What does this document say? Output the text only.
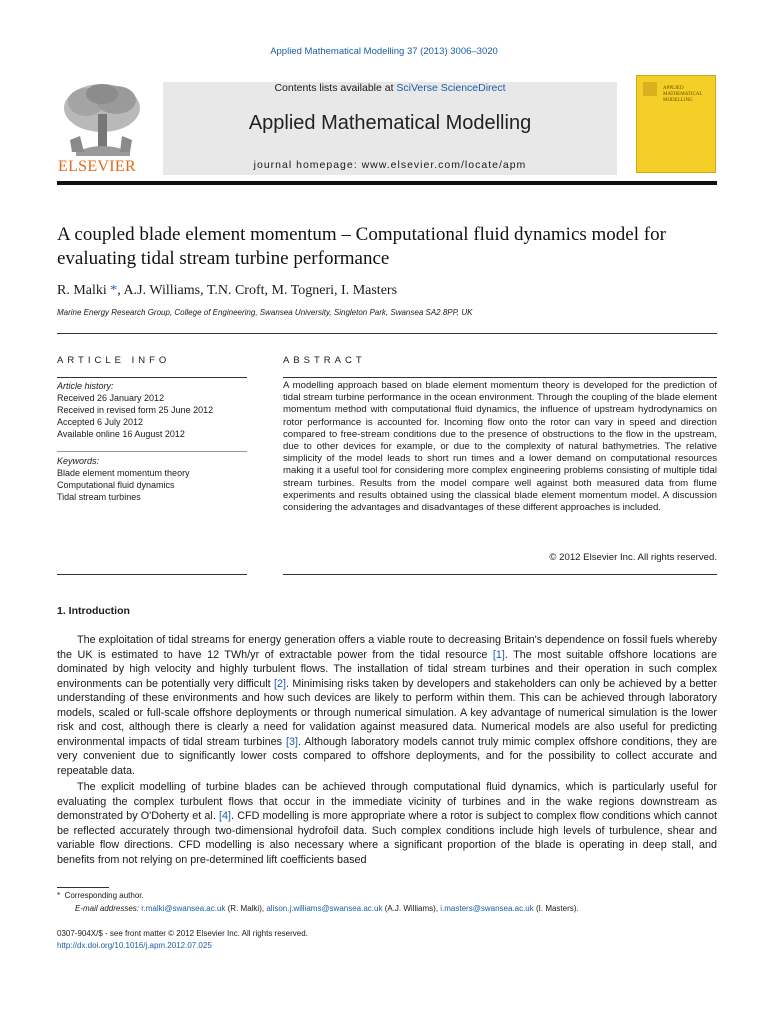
Applied Mathematical Modelling 37 (2013) 3006–3020
ELSEVIER
Contents lists available at SciVerse ScienceDirect
Applied Mathematical Modelling
journal homepage: www.elsevier.com/locate/apm
APPLIED MATHEMATICAL MODELLING
A coupled blade element momentum – Computational fluid dynamics model for evaluating tidal stream turbine performance
R. Malki *, A.J. Williams, T.N. Croft, M. Togneri, I. Masters
Marine Energy Research Group, College of Engineering, Swansea University, Singleton Park, Swansea SA2 8PP, UK
ARTICLE INFO	ABSTRACT
Article history:
Received 26 January 2012
Received in revised form 25 June 2012
Accepted 6 July 2012
Available online 16 August 2012
Keywords:
Blade element momentum theory
Computational fluid dynamics
Tidal stream turbines
A modelling approach based on blade element momentum theory is developed for the prediction of tidal stream turbine performance in the ocean environment. Through the coupling of the blade element momentum method with computational fluid dynamics, the influence of upstream hydrodynamics on rotor performance is accounted for. Incoming flow onto the rotor can vary in speed and direction compared to free-stream conditions due to the presence of obstructions to the flow in the upstream, due to other devices for example, or due to the complexity of natural bathymetries. The relative simplicity of the model leads to short run times and a lower demand on computational resources making it a useful tool for considering more complex engineering problems consisting of multiple tidal stream turbines. Results from the model compare well against both measured data from flume experiments and results obtained using the classical blade element momentum model. A discussion considering the advantages and disadvantages of these different approaches is included.
© 2012 Elsevier Inc. All rights reserved.
1. Introduction
The exploitation of tidal streams for energy generation offers a viable route to decreasing Britain's dependence on fossil fuels whereby the UK is estimated to have 12 TWh/yr of extractable power from the tidal resource [1]. The most suitable offshore locations are dominated by high velocity and highly turbulent flows. The installation of tidal stream turbines and their operation in such complex environments can be potentially very difficult [2]. Minimising risks taken by developers and stakeholders can only be achieved by a better understanding of these environments and how such devices are likely to perform within them. This can be achieved through laboratory models, scaled or full-scale offshore deployments or through numerical simulation. A key advantage of numerical simulation is the lower risk and cost, although there is clearly a need for validation against measured data. Numerical models are also useful for predicting environmental impacts of tidal stream turbines [3]. Although laboratory models cannot truly mimic complex offshore conditions, they are very convenient due to significantly lower costs compared to offshore deployments, and for the possibility to collect accurate and repeatable data.
The explicit modelling of turbine blades can be achieved through computational fluid dynamics, which is particularly useful for evaluating the complex turbulent flows that occur in the immediate vicinity of turbines and in the wake regions downstream as demonstrated by O'Doherty et al. [4]. CFD modelling is more appropriate where a rotor is subject to complex flow conditions which cannot be reflected accurately through two-dimensional hydrofoil data. Such complex conditions include high levels of turbulence, shear and variable flow directions. CFD modelling is also necessary where a significant proportion of the blade is operating in deep stall, and benefits from not relying on pre-determined lift coefficients based
* Corresponding author.
E-mail addresses: r.malki@swansea.ac.uk (R. Malki), alison.j.williams@swansea.ac.uk (A.J. Williams), i.masters@swansea.ac.uk (I. Masters).
0307-904X/$ - see front matter © 2012 Elsevier Inc. All rights reserved.
http://dx.doi.org/10.1016/j.apm.2012.07.025
